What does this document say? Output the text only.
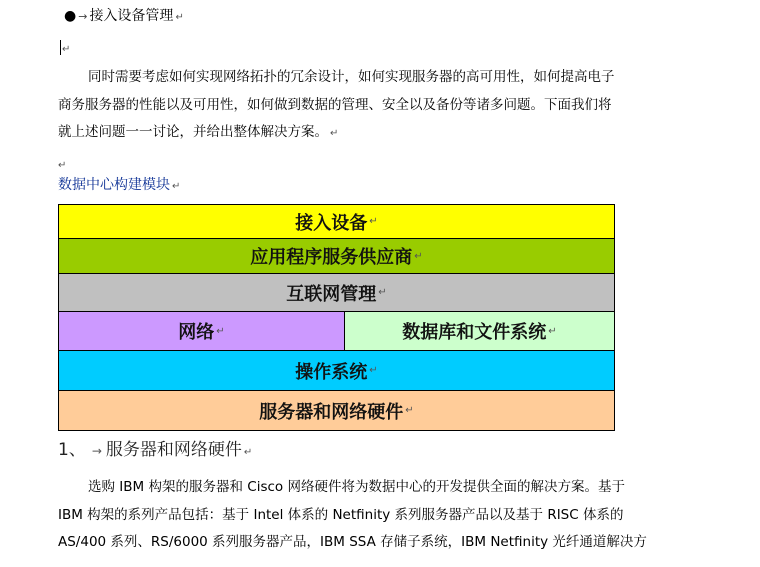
● → 接入设备管理 ↵
↵
同时需要考虑如何实现网络拓扑的冗余设计，如何实现服务器的高可用性，如何提高电子
商务服务器的性能以及可用性，如何做到数据的管理、安全以及备份等诸多问题。下面我们将
就上述问题一一讨论，并给出整体解决方案。 ↵
↵
数据中心构建模块 ↵
接入设备 ↵
应用程序服务供应商 ↵
互联网管理 ↵
网络 ↵	数据库和文件系统 ↵
操作系统 ↵
服务器和网络硬件 ↵
1、 → 服务器和网络硬件 ↵
选购 IBM 构架的服务器和 Cisco 网络硬件将为数据中心的开发提供全面的解决方案。基于
IBM 构架的系列产品包括：基于 Intel 体系的 Netfinity 系列服务器产品以及基于 RISC 体系的
AS/400 系列、RS/6000 系列服务器产品，IBM SSA 存储子系统，IBM Netfinity 光纤通道解决方
